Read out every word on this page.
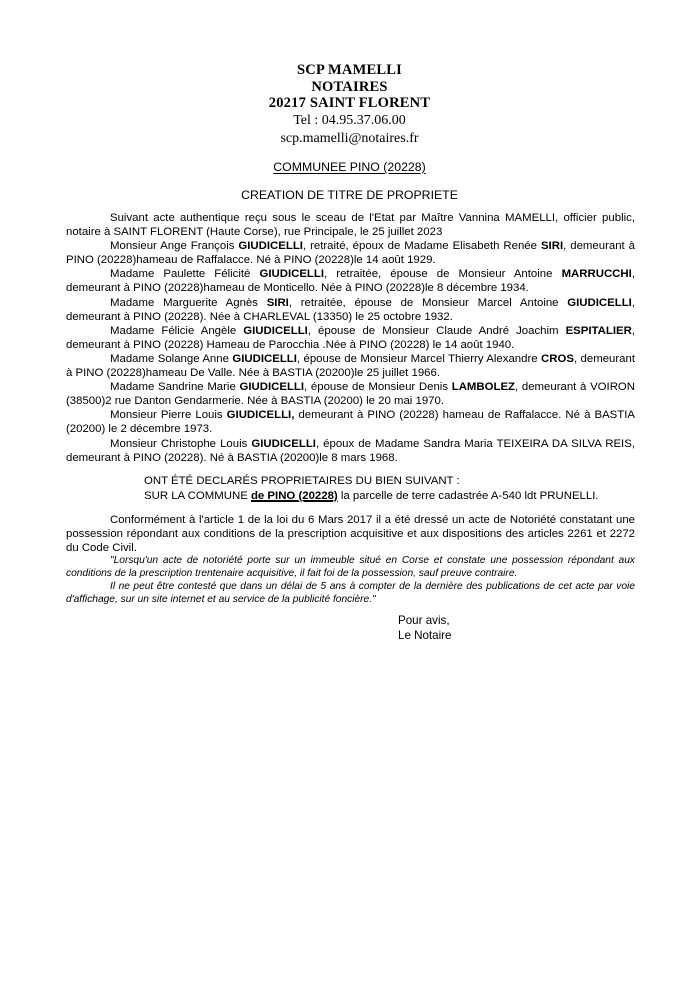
SCP MAMELLI
NOTAIRES
20217 SAINT FLORENT
Tel : 04.95.37.06.00
scp.mamelli@notaires.fr
COMMUNEE PINO (20228)
CREATION DE TITRE DE PROPRIETE

Suivant acte authentique reçu sous le sceau de l'Etat par Maître Vannina MAMELLI, officier public, notaire à SAINT FLORENT (Haute Corse), rue Principale, le 25 juillet 2023

Monsieur Ange François GIUDICELLI, retraité, époux de Madame Elisabeth Renée SIRI, demeurant à PINO (20228)hameau de Raffalacce. Né à PINO (20228)le 14 août 1929.

Madame Paulette Félicité GIUDICELLI, retraitée, épouse de Monsieur Antoine MARRUCCHI, demeurant à PINO (20228)hameau de Monticello. Née à PINO (20228)le 8 décembre 1934.

Madame Marguerite Agnès SIRI, retraitée, épouse de Monsieur Marcel Antoine GIUDICELLI, demeurant à PINO (20228). Née à CHARLEVAL (13350) le 25 octobre 1932.

Madame Félicie Angèle GIUDICELLI, épouse de Monsieur Claude André Joachim ESPITALIER, demeurant à PINO (20228) Hameau de Parocchia .Née à PINO (20228) le 14 août 1940.

Madame Solange Anne GIUDICELLI, épouse de Monsieur Marcel Thierry Alexandre CROS, demeurant à PINO (20228)hameau De Valle. Née à BASTIA (20200)le 25 juillet 1966.

Madame Sandrine Marie GIUDICELLI, épouse de Monsieur Denis LAMBOLEZ, demeurant à VOIRON (38500)2 rue Danton Gendarmerie. Née à BASTIA (20200) le 20 mai 1970.

Monsieur Pierre Louis GIUDICELLI, demeurant à PINO (20228) hameau de Raffalacce. Né à BASTIA (20200) le 2 décembre 1973.

Monsieur Christophe Louis GIUDICELLI, époux de Madame Sandra Maria TEIXEIRA DA SILVA REIS, demeurant à PINO (20228). Né à BASTIA (20200)le 8 mars 1968.

ONT ÉTÉ DECLARÉS PROPRIETAIRES DU BIEN SUIVANT :

SUR LA COMMUNE de PINO (20228) la parcelle de terre cadastrée A-540 ldt PRUNELLI.

Conformément à l'article 1 de la loi du 6 Mars 2017 il a été dressé un acte de Notoriété constatant une possession répondant aux conditions de la prescription acquisitive et aux dispositions des articles 2261 et 2272 du Code Civil.

"Lorsqu'un acte de notoriété porte sur un immeuble situé en Corse et constate une possession répondant aux conditions de la prescription trentenaire acquisitive, il fait foi de la possession, sauf preuve contraire.

Il ne peut être contesté que dans un délai de 5 ans à compter de la dernière des publications de cet acte par voie d'affichage, sur un site internet et au service de la publicité foncière."

Pour avis,

Le Notaire
